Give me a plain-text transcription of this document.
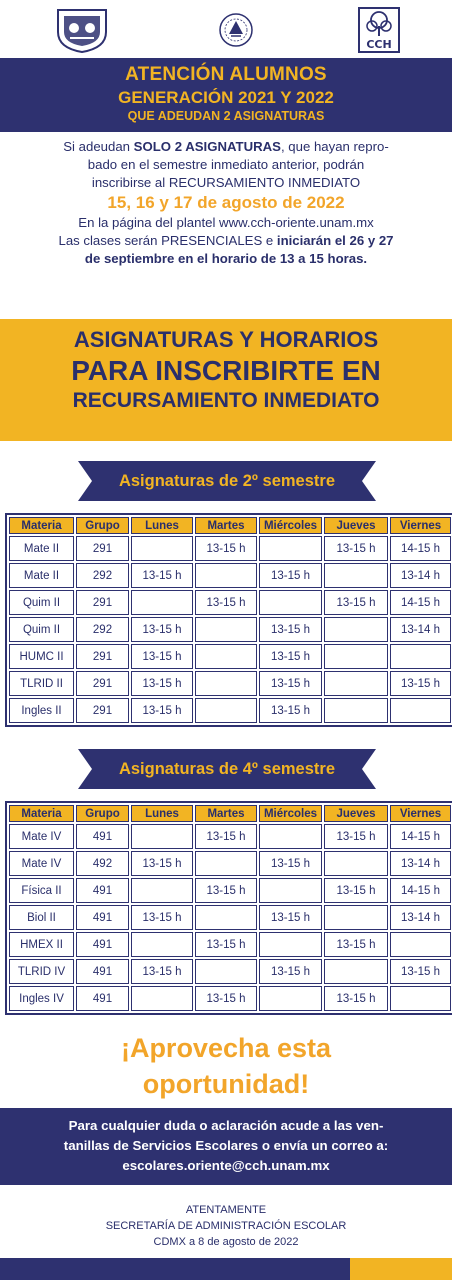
CCH
ATENCIÓN ALUMNOS
GENERACIÓN 2021 Y 2022
QUE ADEUDAN 2 ASIGNATURAS
Si adeudan SOLO 2 ASIGNATURAS, que hayan repro-
bado en el semestre inmediato anterior, podrán
inscribirse al RECURSAMIENTO INMEDIATO
15, 16 y 17 de agosto de 2022
En la página del plantel www.cch-oriente.unam.mx
Las clases serán PRESENCIALES e iniciarán el 26 y 27
de septiembre en el horario de 13 a 15 horas.
ASIGNATURAS Y HORARIOS
PARA INSCRIBIRTE EN
RECURSAMIENTO INMEDIATO
Asignaturas de 2º semestre
Materia	Grupo	Lunes	Martes	Miércoles	Jueves	Viernes
Mate II	291		13-15 h		13-15 h	14-15 h
Mate II	292	13-15 h		13-15 h		13-14 h
Quim II	291		13-15 h		13-15 h	14-15 h
Quim II	292	13-15 h		13-15 h		13-14 h
HUMC II	291	13-15 h		13-15 h		
TLRID II	291	13-15 h		13-15 h		13-15 h
Ingles II	291	13-15 h		13-15 h		
Asignaturas de 4º semestre
Materia	Grupo	Lunes	Martes	Miércoles	Jueves	Viernes
Mate IV	491		13-15 h		13-15 h	14-15 h
Mate IV	492	13-15 h		13-15 h		13-14 h
Física II	491		13-15 h		13-15 h	14-15 h
Biol II	491	13-15 h		13-15 h		13-14 h
HMEX II	491		13-15 h		13-15 h	
TLRID IV	491	13-15 h		13-15 h		13-15 h
Ingles IV	491		13-15 h		13-15 h	
¡Aprovecha esta
oportunidad!
Para cualquier duda o aclaración acude a las ven-
tanillas de Servicios Escolares o envía un correo a:
escolares.oriente@cch.unam.mx
ATENTAMENTE
SECRETARÍA DE ADMINISTRACIÓN ESCOLAR
CDMX a 8 de agosto de 2022
